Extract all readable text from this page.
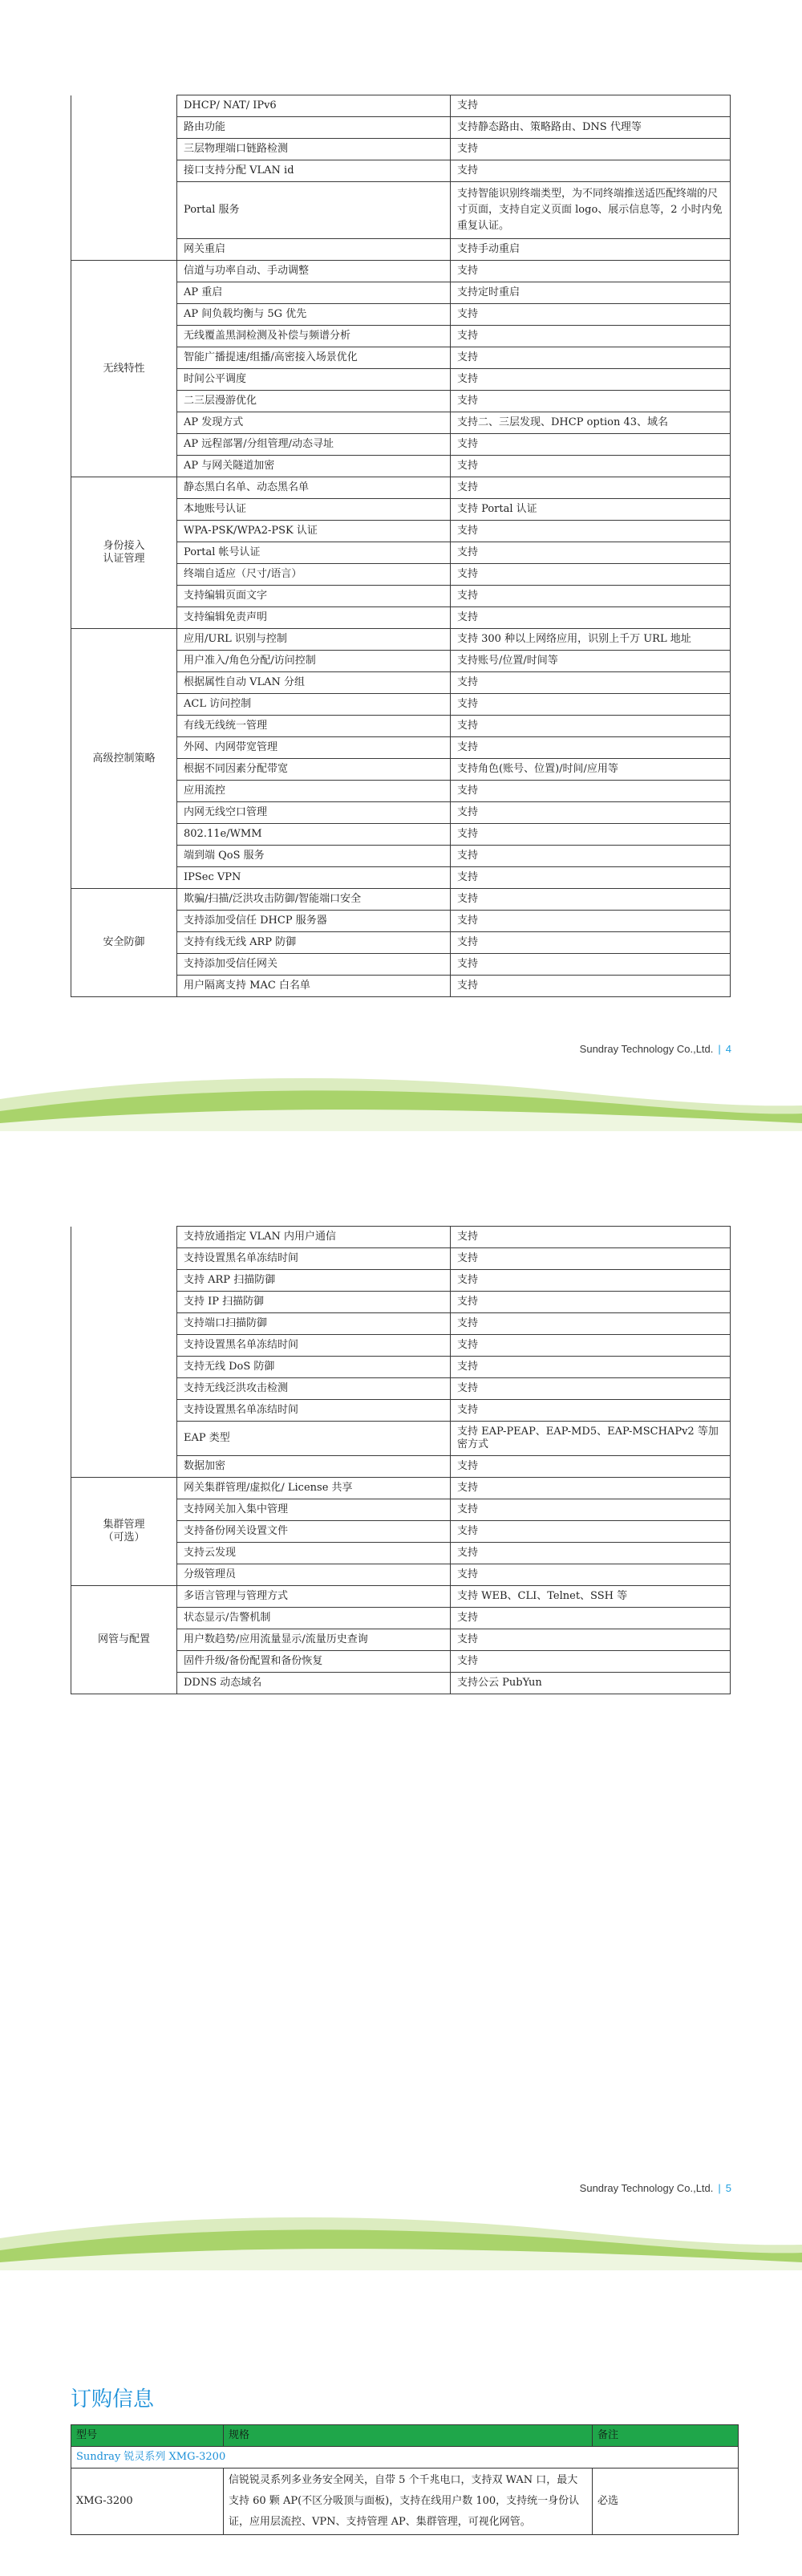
	DHCP/ NAT/ IPv6	支持
	路由功能	支持静态路由、策略路由、DNS 代理等
	三层物理端口链路检测	支持
	接口支持分配 VLAN id	支持
	Portal 服务	支持智能识别终端类型，为不同终端推送适匹配终端的尺寸页面，支持自定义页面 logo、展示信息等，2 小时内免重复认证。
	网关重启	支持手动重启
无线特性	信道与功率自动、手动调整	支持
	AP 重启	支持定时重启
	AP 间负载均衡与 5G 优先	支持
	无线覆盖黑洞检测及补偿与频谱分析	支持
	智能广播提速/组播/高密接入场景优化	支持
	时间公平调度	支持
	二三层漫游优化	支持
	AP 发现方式	支持二、三层发现、DHCP option 43、域名
	AP 远程部署/分组管理/动态寻址	支持
	AP 与网关隧道加密	支持
身份接入
认证管理	静态黑白名单、动态黑名单	支持
	本地账号认证	支持 Portal 认证
	WPA-PSK/WPA2-PSK 认证	支持
	Portal 帐号认证	支持
	终端自适应（尺寸/语言）	支持
	支持编辑页面文字	支持
	支持编辑免责声明	支持
高级控制策略	应用/URL 识别与控制	支持 300 种以上网络应用，识别上千万 URL 地址
	用户准入/角色分配/访问控制	支持账号/位置/时间等
	根据属性自动 VLAN 分组	支持
	ACL 访问控制	支持
	有线无线统一管理	支持
	外网、内网带宽管理	支持
	根据不同因素分配带宽	支持角色(账号、位置)/时间/应用等
	应用流控	支持
	内网无线空口管理	支持
	802.11e/WMM	支持
	端到端 QoS 服务	支持
	IPSec VPN	支持
安全防御	欺骗/扫描/泛洪攻击防御/智能端口安全	支持
	支持添加受信任 DHCP 服务器	支持
	支持有线无线 ARP 防御	支持
	支持添加受信任网关	支持
	用户隔离支持 MAC 白名单	支持
Sundray Technology Co.,Ltd. | 4
	支持放通指定 VLAN 内用户通信	支持
	支持设置黑名单冻结时间	支持
	支持 ARP 扫描防御	支持
	支持 IP 扫描防御	支持
	支持端口扫描防御	支持
	支持设置黑名单冻结时间	支持
	支持无线 DoS 防御	支持
	支持无线泛洪攻击检测	支持
	支持设置黑名单冻结时间	支持
	EAP 类型	支持 EAP-PEAP、EAP-MD5、EAP-MSCHAPv2 等加密方式
	数据加密	支持
集群管理
（可选）	网关集群管理/虚拟化/ License 共享	支持
	支持网关加入集中管理	支持
	支持备份网关设置文件	支持
	支持云发现	支持
	分级管理员	支持
网管与配置	多语言管理与管理方式	支持 WEB、CLI、Telnet、SSH 等
	状态显示/告警机制	支持
	用户数趋势/应用流量显示/流量历史查询	支持
	固件升级/备份配置和备份恢复	支持
	DDNS 动态域名	支持公云 PubYun
Sundray Technology Co.,Ltd. | 5
订购信息
型号	规格	备注
Sundray 锐灵系列 XMG-3200		
XMG-3200	信锐锐灵系列多业务安全网关，自带 5 个千兆电口，支持双 WAN 口，最大支持 60 颗 AP(不区分吸顶与面板)，支持在线用户数 100，支持统一身份认证，应用层流控、VPN、支持管理 AP、集群管理，可视化网管。	必选
